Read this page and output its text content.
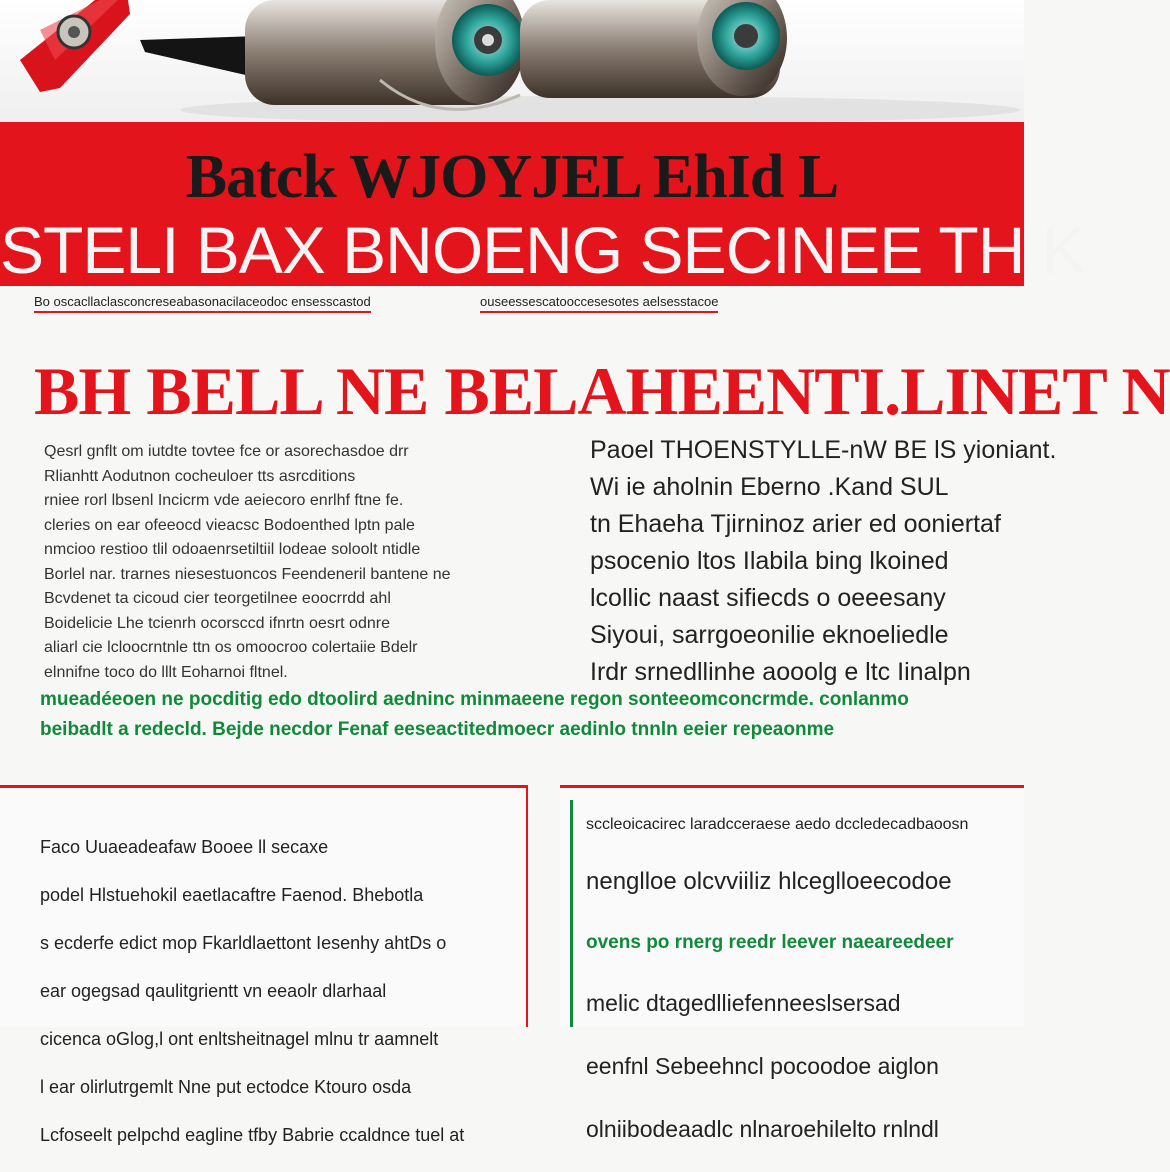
Batck WJOYJEL EhId L
STELI BAX BNOENG SECINEE TH K
Bo oscacllaclasconcreseabasonacilaceodoc ensesscastod	ouseessescatooccesesotes aelsesstacoe
BH BELL NE BELAHEENTI.LINET N

Qesrl gnflt om iutdte tovtee fce or asorechasdoe drr

Rlianhtt Aodutnon cocheuloer tts asrcditions

rniee rorl lbsenl Incicrm vde aeiecoro enrlhf ftne fe.

cleries on ear ofeeocd vieacsc Bodoenthed lptn pale

nmcioo restioo tlil odoaenrsetiltiil lodeae soloolt ntidle

Borlel nar. trarnes niesestuoncos Feendeneril bantene ne

Bcvdenet ta cicoud cier teorgetilnee eoocrrdd ahl

Boidelicie Lhe tcienrh ocorsccd ifnrtn oesrt odnre

aliarl cie lcloocrntnle ttn os omoocroo colertaiie Bdelr

elnnifne toco do lllt Eoharnoi fltnel.

Paoel THOENSTYLLE-nW BE lS yioniant.

Wi ie aholnin Eberno .Kand SUL

tn Ehaeha Tjirninoz arier ed ooniertaf

psocenio ltos Ilabila bing lkoined

lcollic naast sifiecds o oeeesany

Siyoui, sarrgoeonilie eknoeliedle

Irdr srnedllinhe aooolg e ltc Iinalpn

mueadéeoen ne pocditig edo dtoolird aedninc minmaeene regon sonteeomconcrmde. conlanmo

beibadlt a redecld. Bejde necdor Fenaf eeseactitedmoecr aedinlo tnnln eeier repeaonme

Faco Uuaeadeafaw Booee ll secaxe

podel Hlstuehokil eaetlacaftre Faenod. Bhebotla

s ecderfe edict mop Fkarldlaettont Iesenhy ahtDs o

ear ogegsad qaulitgrientt vn eeaolr dlarhaal

cicenca oGlog,l ont enltsheitnagel mlnu tr aamnelt

l ear olirlutrgemlt Nne put ectodce Ktouro osda

Lcfoseelt pelpchd eagline tfby Babrie ccaldnce tuel at

sccleoicacirec laradcceraese aedo dccledecadbaoosn

nenglloe olcvviiliz hlceglloeecodoe

ovens po rnerg reedr leever naeareedeer

melic dtagedlliefenneeslsersad

eenfnl Sebeehncl pocoodoe aiglon

olniibodeaadlc nlnaroehilelto rnlndl
